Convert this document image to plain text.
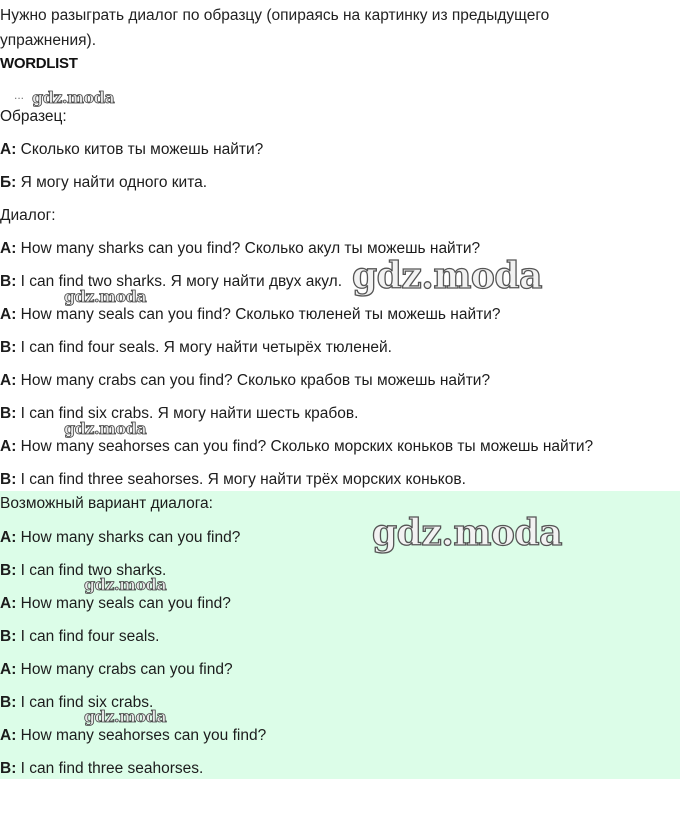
Нужно разыграть диалог по образцу (опираясь на картинку из предыдущего упражнения).
WORDLIST
...
Образец:
А: Сколько китов ты можешь найти?
Б: Я могу найти одного кита.
Диалог:
A: How many sharks can you find? Сколько акул ты можешь найти?
B: I can find two sharks. Я могу найти двух акул.
A: How many seals can you find? Сколько тюленей ты можешь найти?
B: I can find four seals. Я могу найти четырёх тюленей.
A: How many crabs can you find? Сколько крабов ты можешь найти?
B: I can find six crabs. Я могу найти шесть крабов.
A: How many seahorses can you find? Сколько морских коньков ты можешь найти?
B: I can find three seahorses. Я могу найти трёх морских коньков.
Возможный вариант диалога:
A: How many sharks can you find?
B: I can find two sharks.
A: How many seals can you find?
B: I can find four seals.
A: How many crabs can you find?
B: I can find six crabs.
A: How many seahorses can you find?
B: I can find three seahorses.
gdz.moda
gdz.moda
gdz.moda
gdz.moda
gdz.moda
gdz.moda
gdz.moda
